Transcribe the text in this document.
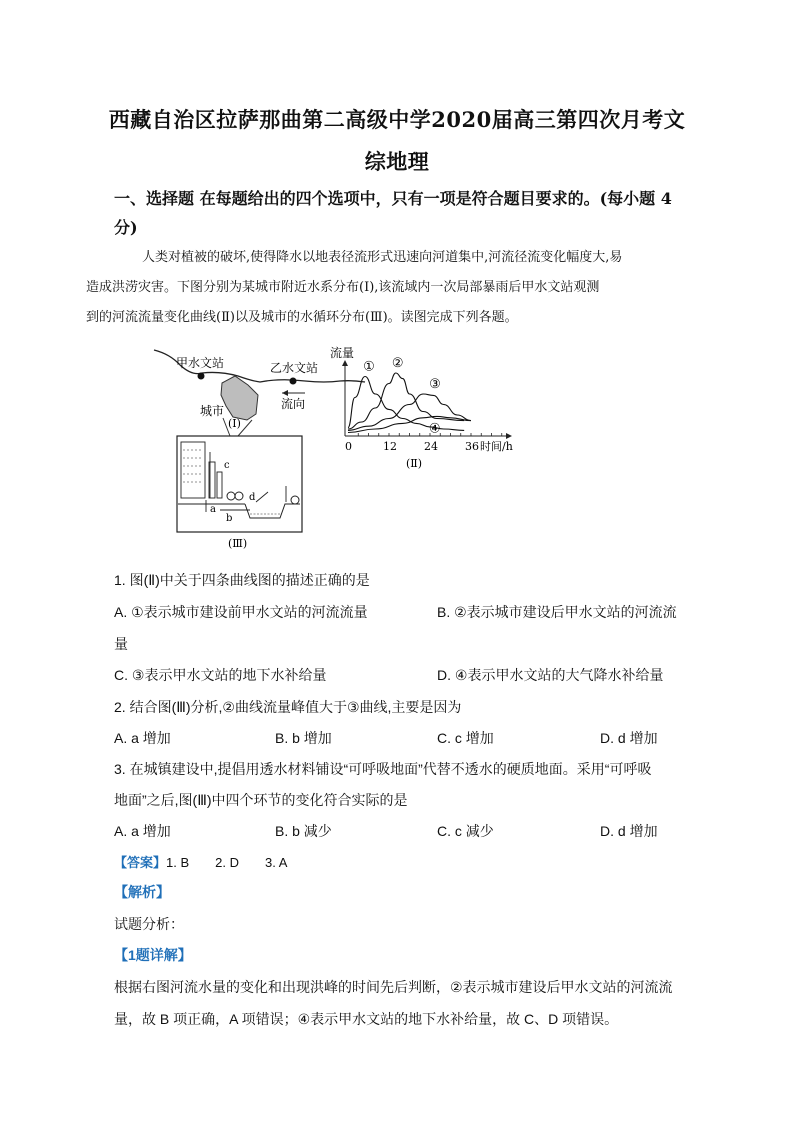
西藏自治区拉萨那曲第二高级中学2020届高三第四次月考文
综地理
一、选择题 在每题给出的四个选项中，只有一项是符合题目要求的。(每小题 4
分)
人类对植被的破坏,使得降水以地表径流形式迅速向河道集中,河流径流变化幅度大,易
造成洪涝灾害。下图分别为某城市附近水系分布(Ⅰ),该流域内一次局部暴雨后甲水文站观测
到的河流流量变化曲线(Ⅱ)以及城市的水循环分布(Ⅲ)。读图完成下列各题。
甲水文站	乙水文站
城市	流向
(Ⅰ)
c
a
b
d
(Ⅲ)
流量
0	12 24 36
① ②
③
④
时间/h
(Ⅱ)
1. 图(Ⅱ)中关于四条曲线图的描述正确的是
A. ①表示城市建设前甲水文站的河流流量	B. ②表示城市建设后甲水文站的河流流
量
C. ③表示甲水文站的地下水补给量	D. ④表示甲水文站的大气降水补给量
2. 结合图(Ⅲ)分析,②曲线流量峰值大于③曲线,主要是因为
A. a 增加	B. b 增加	C. c 增加	D. d 增加
3. 在城镇建设中,提倡用透水材料铺设“可呼吸地面”代替不透水的硬质地面。采用“可呼吸
地面”之后,图(Ⅲ)中四个环节的变化符合实际的是
A. a 增加	B. b 减少	C. c 减少	D. d 增加
【答案】1. B　　2. D　　3. A
【解析】
试题分析：
【1题详解】
根据右图河流水量的变化和出现洪峰的时间先后判断，②表示城市建设后甲水文站的河流流
量，故 B 项正确，A 项错误；④表示甲水文站的地下水补给量，故 C、D 项错误。
